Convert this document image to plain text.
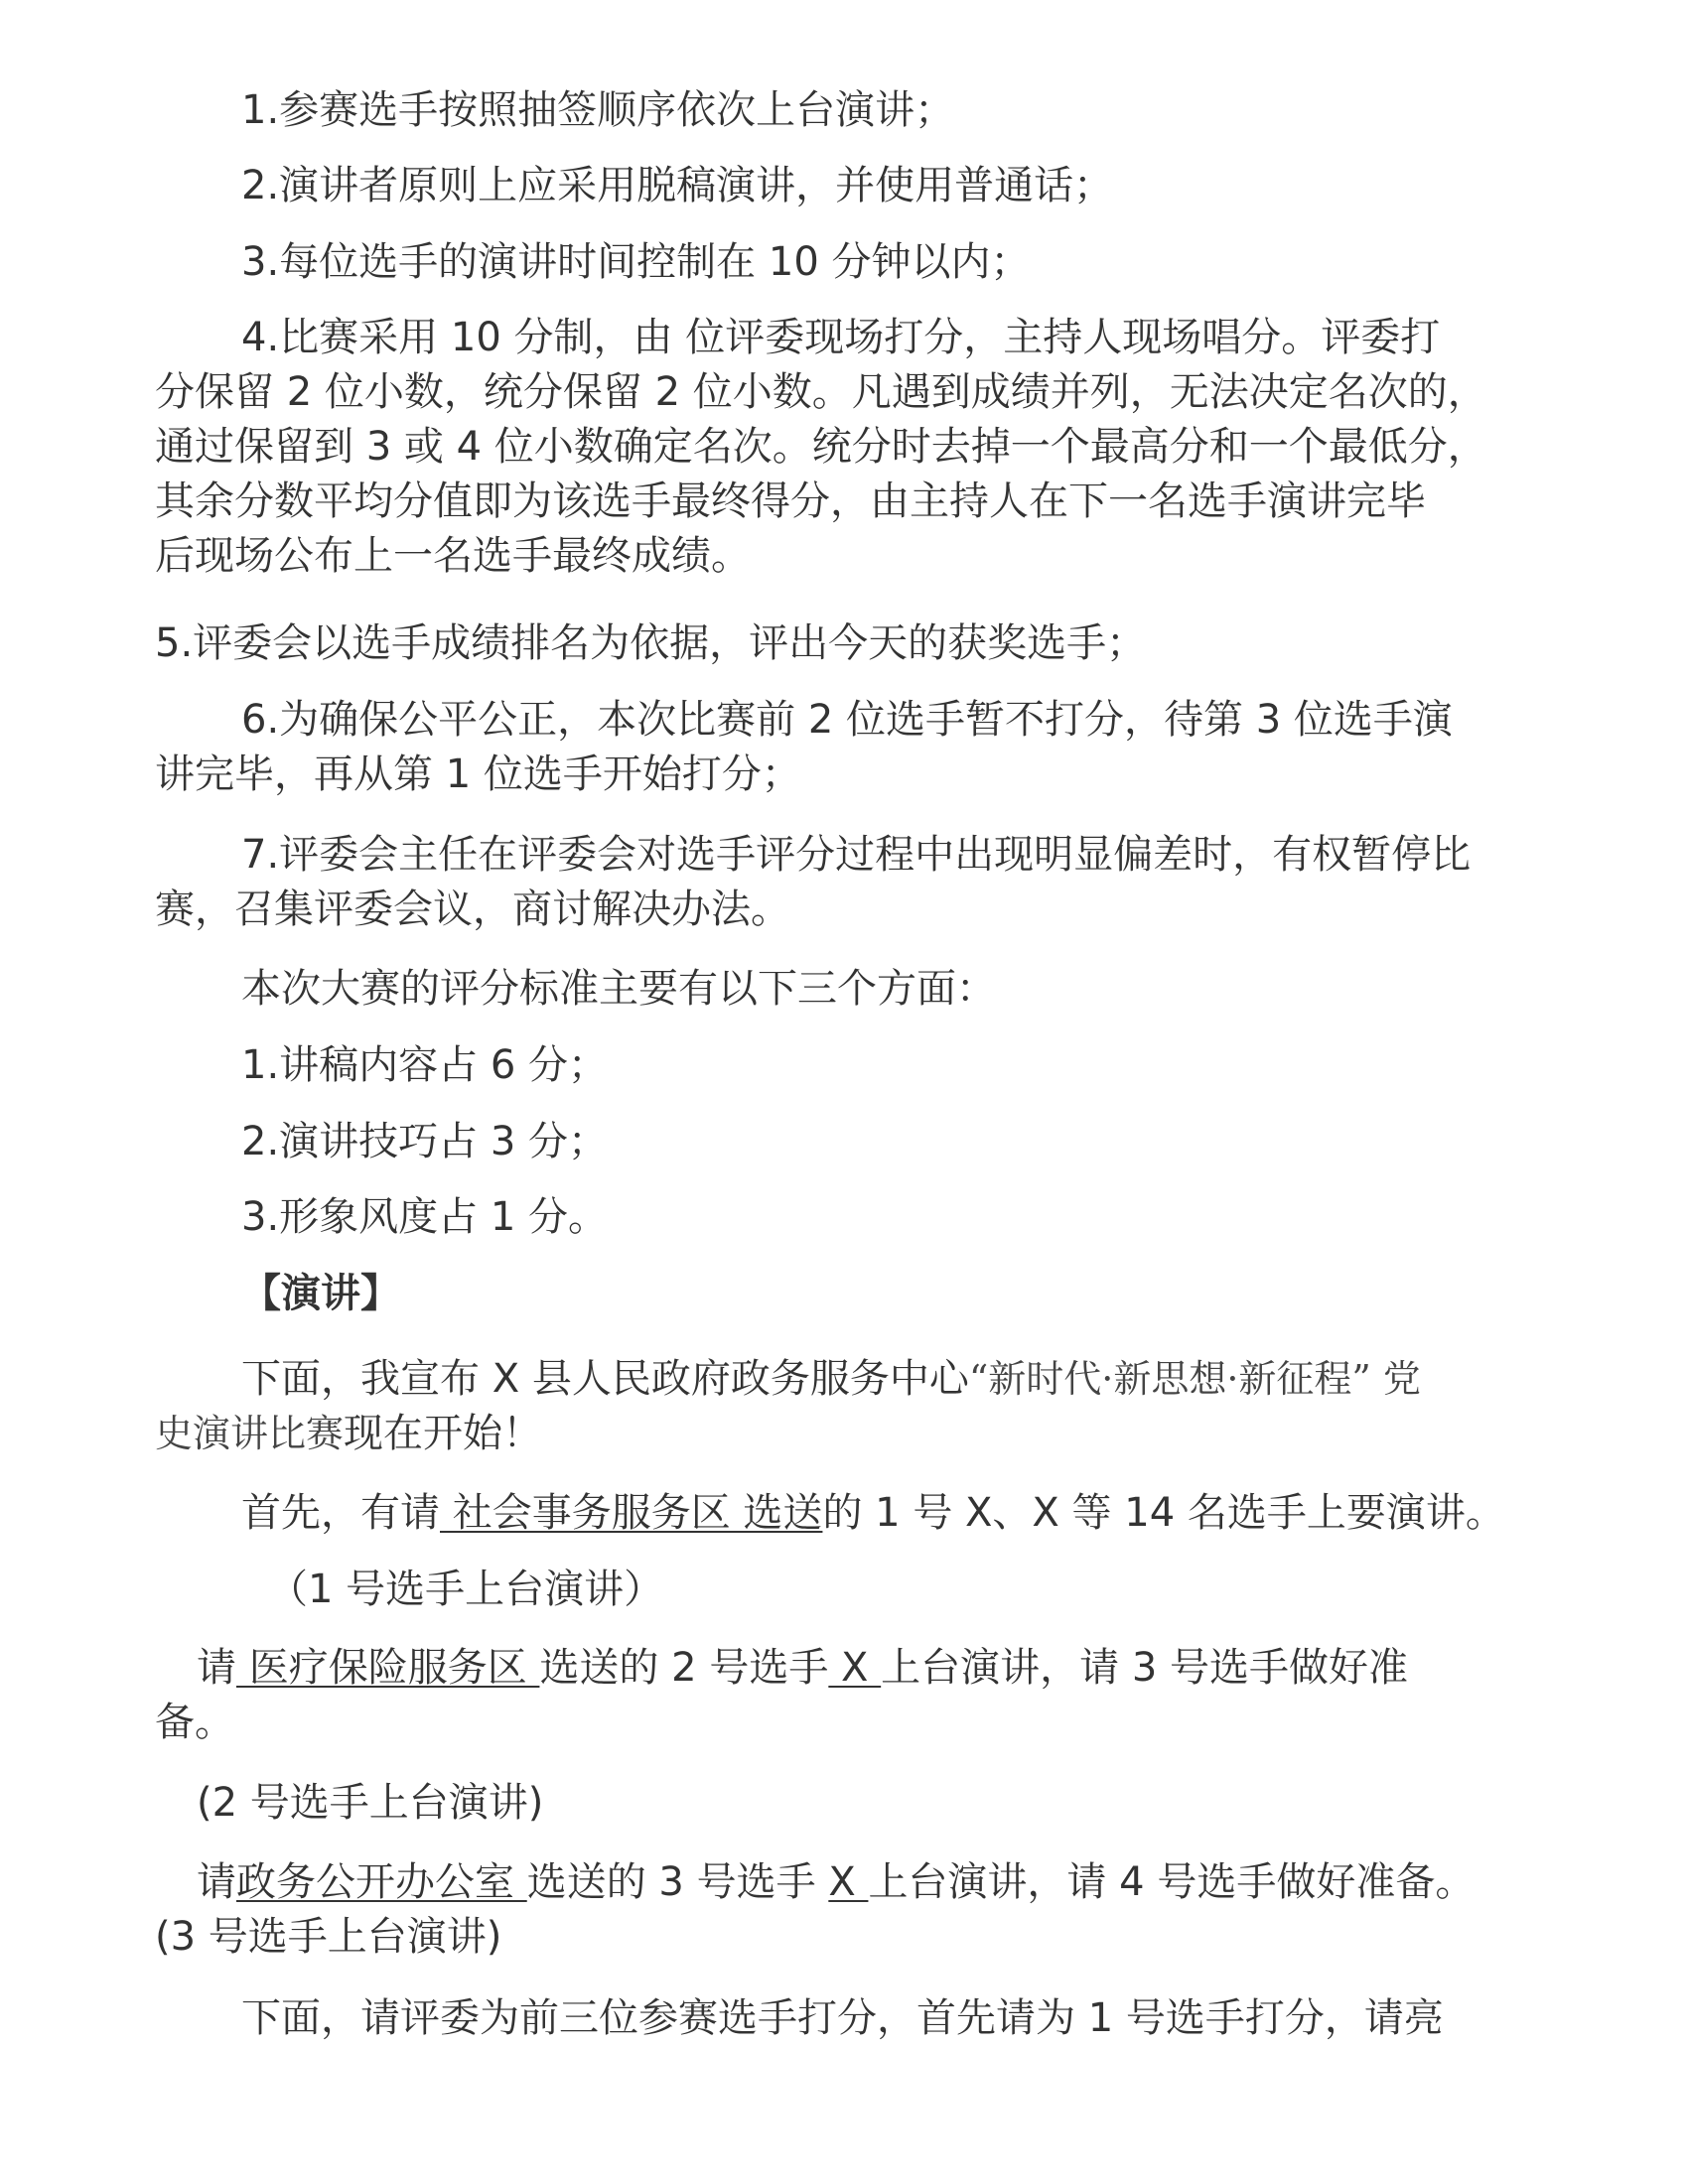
1.参赛选手按照抽签顺序依次上台演讲；
2.演讲者原则上应采用脱稿演讲，并使用普通话；
3.每位选手的演讲时间控制在 10 分钟以内；
4.比赛采用 10 分制，由 位评委现场打分，主持人现场唱分。评委打
分保留 2 位小数，统分保留 2 位小数。凡遇到成绩并列，无法决定名次的，
通过保留到 3 或 4 位小数确定名次。统分时去掉一个最高分和一个最低分，
其余分数平均分值即为该选手最终得分，由主持人在下一名选手演讲完毕
后现场公布上一名选手最终成绩。
5.评委会以选手成绩排名为依据，评出今天的获奖选手；
6.为确保公平公正，本次比赛前 2 位选手暂不打分，待第 3 位选手演
讲完毕，再从第 1 位选手开始打分；
7.评委会主任在评委会对选手评分过程中出现明显偏差时，有权暂停比
赛，召集评委会议，商讨解决办法。
本次大赛的评分标准主要有以下三个方面：
1.讲稿内容占 6 分；
2.演讲技巧占 3 分；
3.形象风度占 1 分。
【演讲】
下面，我宣布 X 县人民政府政务服务中心“新时代·新思想·新征程” 党
史演讲比赛现在开始！
首先，有请 社会事务服务区 选送的 1 号 X、X 等 14 名选手上要演讲。
（1 号选手上台演讲）
请 医疗保险服务区 选送的 2 号选手 X 上台演讲，请 3 号选手做好准
备。
(2 号选手上台演讲)
请政务公开办公室 选送的 3 号选手 X 上台演讲，请 4 号选手做好准备。
(3 号选手上台演讲)
下面，请评委为前三位参赛选手打分，首先请为 1 号选手打分，请亮
